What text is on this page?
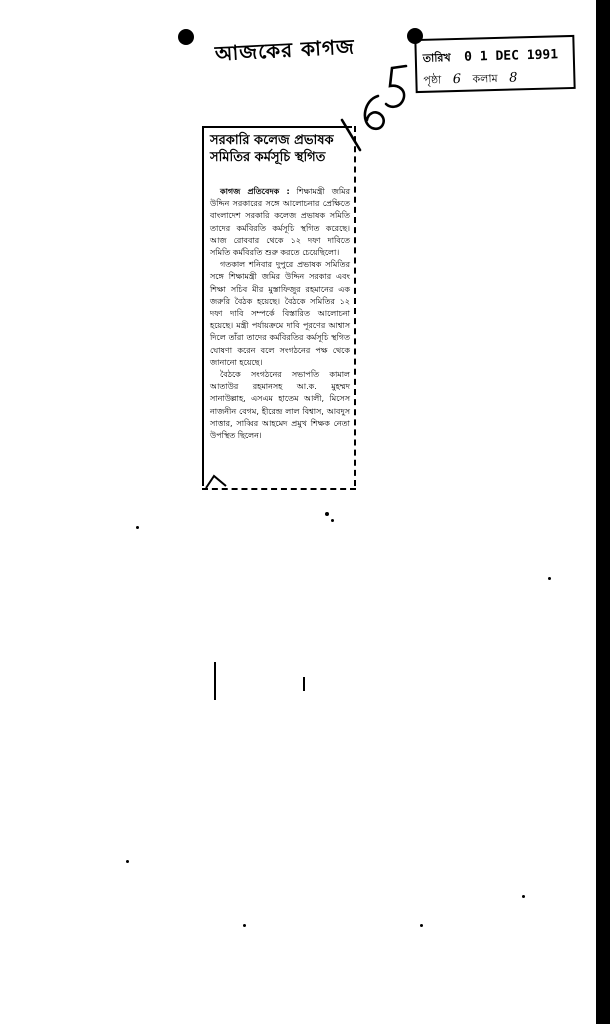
আজকের কাগজ	তারিখ 0 1 DEC 1991
পৃষ্ঠা 6 কলাম 8
সরকারি কলেজ প্রভাষক সমিতির কর্মসূচি স্থগিত

কাগজ প্রতিবেদক : শিক্ষামন্ত্রী জমির উদ্দিন সরকারের সঙ্গে আলোচনার প্রেক্ষিতে বাংলাদেশ সরকারি কলেজ প্রভাষক সমিতি তাদের কর্মবিরতি কর্মসূচি স্থগিত করেছে। আজ রোববার থেকে ১২ দফা দাবিতে সমিতি কর্মবিরতি শুরু করতে চেয়েছিলো।

গতকাল শনিবার দুপুরে প্রভাষক সমিতির সঙ্গে শিক্ষামন্ত্রী জমির উদ্দিন সরকার এবং শিক্ষা সচিব মীর মুস্তাফিজুর রহমানের এক জরুরি বৈঠক হয়েছে। বৈঠকে সমিতির ১২ দফা দাবি সম্পর্কে বিস্তারিত আলোচনা হয়েছে। মন্ত্রী পর্যায়ক্রমে দাবি পূরণের আশ্বাস দিলে তাঁরা তাদের কর্মবিরতির কর্মসূচি স্থগিত ঘোষণা করেন বলে সংগঠনের পক্ষ থেকে জানানো হয়েছে।

বৈঠকে সংগঠনের সভাপতি কামাল আতাউর রহমানসহ আ.ক. মুহম্মদ সানাউল্লাহ, এসএম হাতেম আলী, মিসেস নাজনীন বেগম, হীরেন্দ্র লাল বিশ্বাস, আবদুস সাত্তার, সাব্বির আহমেদ প্রমুখ শিক্ষক নেতা উপস্থিত ছিলেন।
